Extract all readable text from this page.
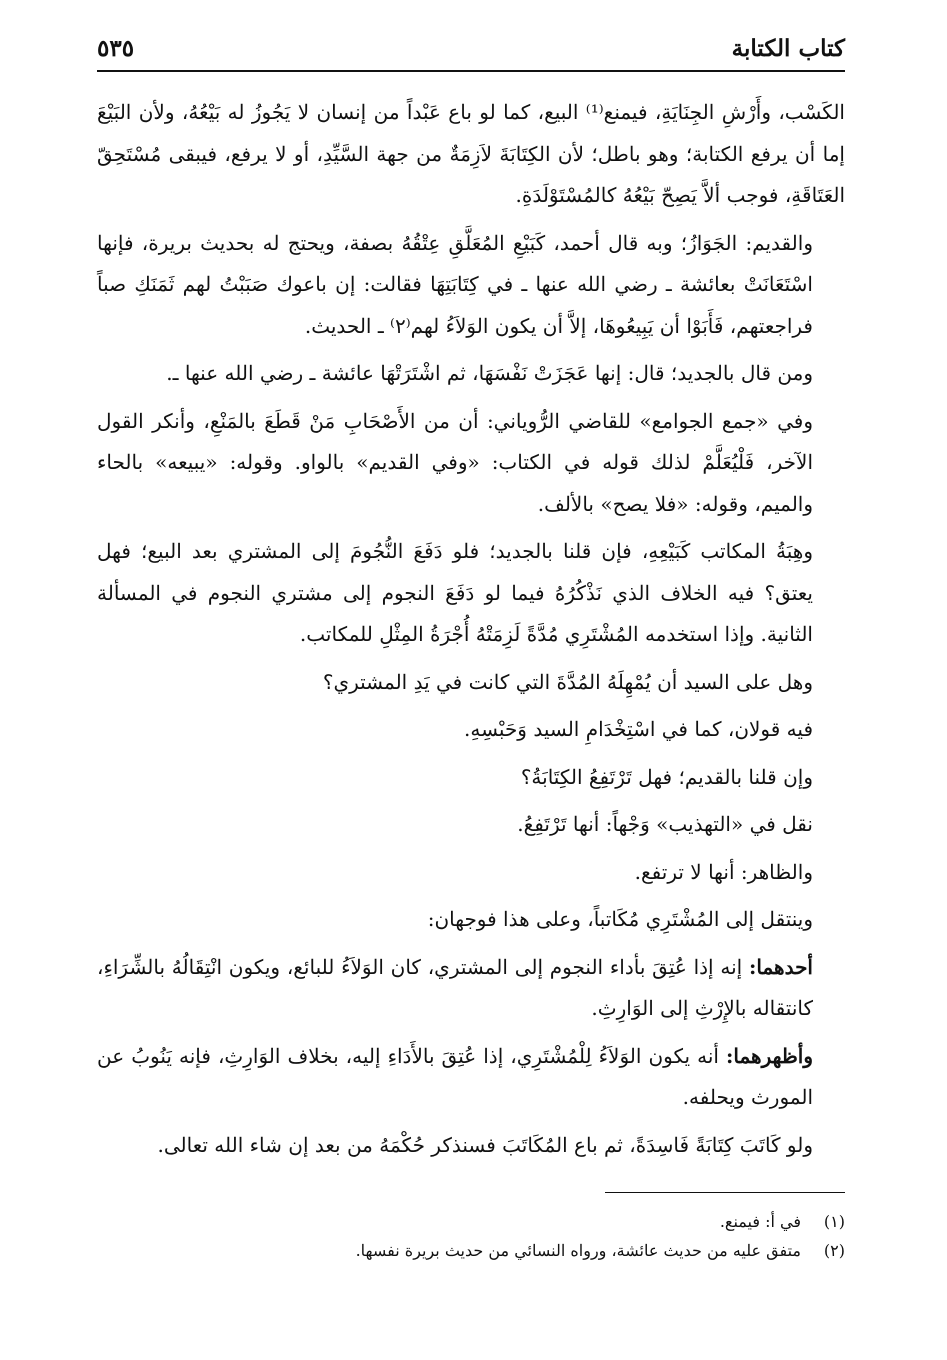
كتاب الكتابة
٥٣٥

الكَسْب، وأَرْشِ الجِنَايَةِ، فيمنع⁽¹⁾ البيع، كما لو باع عَبْداً من إنسان لا يَجُوزُ له بَيْعُهُ، ولأن البَيْعَ إما أن يرفع الكتابة؛ وهو باطل؛ لأن الكِتَابَةَ لاَزِمَةٌ من جهة السَّيِّدِ، أو لا يرفع، فيبقى مُسْتَحِقّ العَتَاقَةِ، فوجب ألاَّ يَصِحّ بَيْعُهُ كالمُسْتَوْلَدَةِ.

والقديم: الجَوَازُ؛ وبه قال أحمد، كَبَيْعِ المُعَلَّقِ عِتْقُهُ بصفة، ويحتج له بحديث بريرة، فإنها اسْتَعَانَتْ بعائشة ـ رضي الله عنها ـ في كِتَابَتِهَا فقالت: إن باعوك صَبَبْتُ لهم ثَمَنَكِ صباً فراجعتهم، فَأَبَوْا أن يَبِيعُوهَا، إلاَّ أن يكون الوَلاَءُ لهم⁽٢⁾ ـ الحديث.

ومن قال بالجديد؛ قال: إنها عَجَزَتْ نَفْسَهَا، ثم اشْتَرَتْهَا عائشة ـ رضي الله عنها ـ.

وفي «جمع الجوامع» للقاضي الرُّوياني: أن من الأَصْحَابِ مَنْ قَطَعَ بالمَنْعِ، وأنكر القول الآخر، فَلْيُعَلَّمْ لذلك قوله في الكتاب: «وفي القديم» بالواو. وقوله: «يبيعه» بالحاء والميم، وقوله: «فلا يصح» بالألف.

وهِبَةُ المكاتب كَبَيْعِهِ، فإن قلنا بالجديد؛ فلو دَفَعَ النُّجُومَ إلى المشتري بعد البيع؛ فهل يعتق؟ فيه الخلاف الذي نَذْكُرُهُ فيما لو دَفَعَ النجوم إلى مشتري النجوم في المسألة الثانية. وإذا استخدمه المُشْتَرِي مُدَّةً لَزِمَتْهُ أُجْرَةُ المِثْلِ للمكاتب.

وهل على السيد أن يُمْهِلَهُ المُدَّةَ التي كانت في يَدِ المشتري؟

فيه قولان، كما في اسْتِخْدَامِ السيد وَحَبْسِهِ.

وإن قلنا بالقديم؛ فهل تَرْتَفِعُ الكِتَابَةُ؟

نقل في «التهذيب» وَجْهاً: أنها تَرْتَفِعُ.

والظاهر: أنها لا ترتفع.

وينتقل إلى المُشْتَرِي مُكَاتباً، وعلى هذا فوجهان:

أحدهما: إنه إذا عُتِقَ بأداء النجوم إلى المشتري، كان الوَلاَءُ للبائع، ويكون انْتِقَالُهُ بالشِّرَاءِ، كانتقاله بالإِرْثِ إلى الوَارِثِ.

وأظهرهما: أنه يكون الوَلاَءُ لِلْمُشْتَرِي، إذا عُتِقَ بالأَدَاءِ إليه، بخلاف الوَارِثِ، فإنه يَنُوبُ عن المورث ويحلفه.

ولو كَاتَبَ كِتَابَةً فَاسِدَةً، ثم باع المُكَاتَبَ فسنذكر حُكْمَهُ من بعد إن شاء الله تعالى.

(١)
في أ: فيمنع.
(٢)
متفق عليه من حديث عائشة، ورواه النسائي من حديث بريرة نفسها.
